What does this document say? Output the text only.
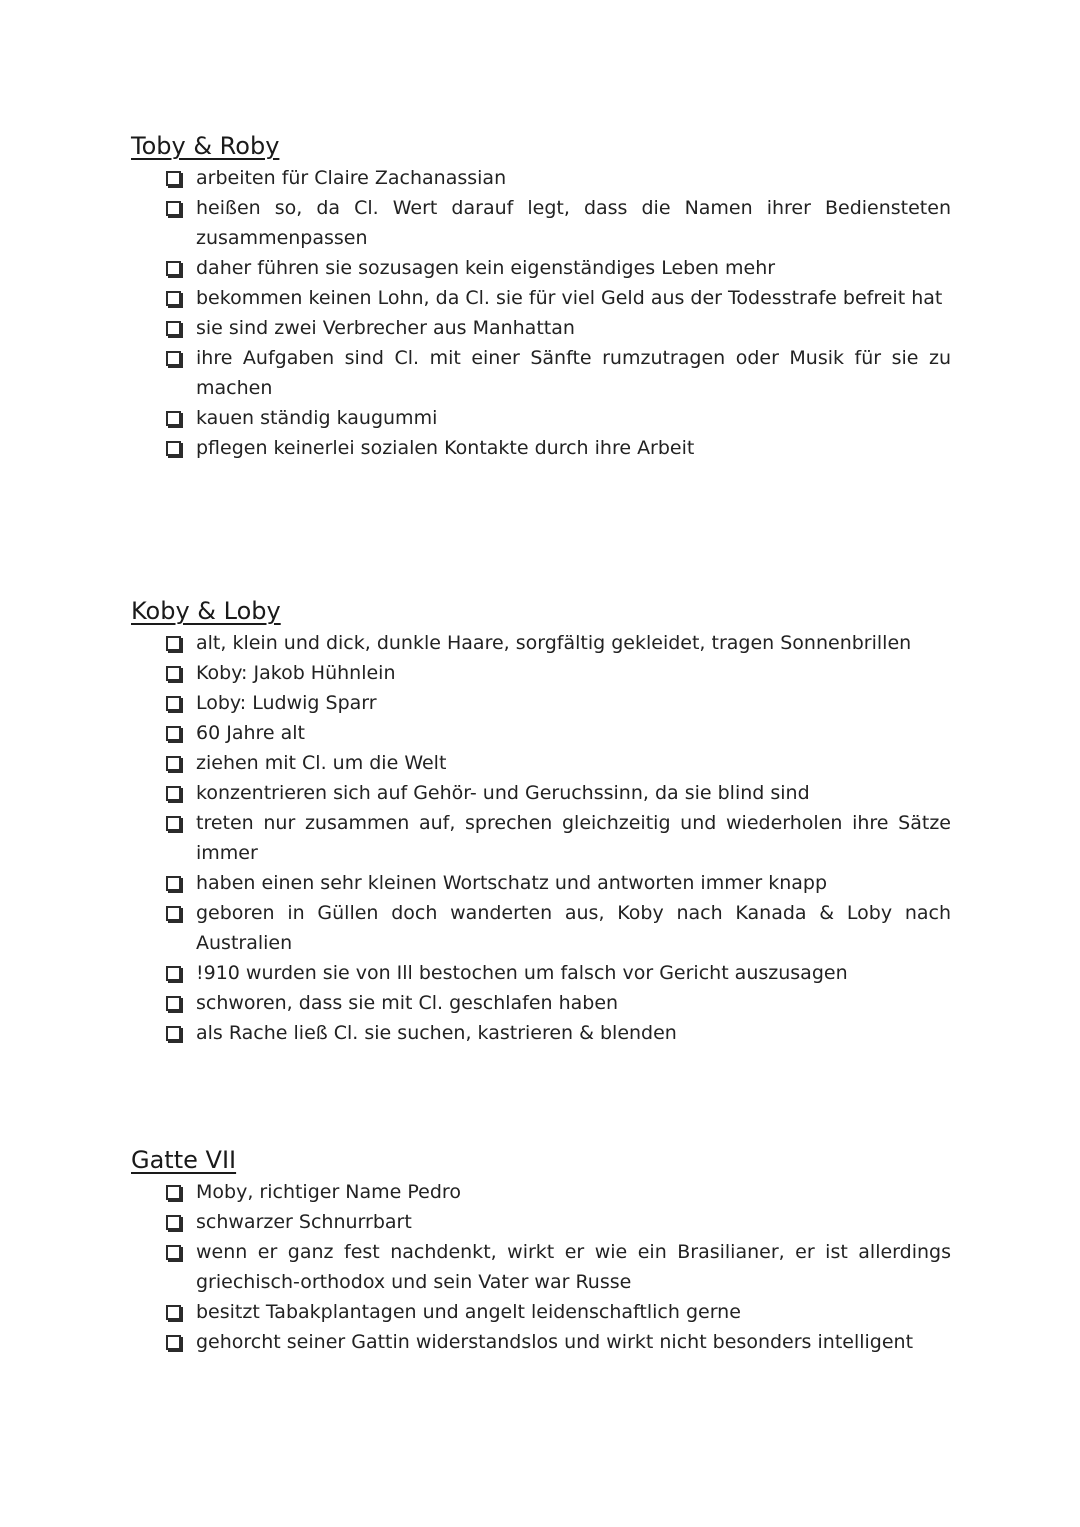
Toby & Roby
arbeiten für Claire Zachanassian
heißen so, da Cl. Wert darauf legt, dass die Namen ihrer Bediensteten zusammenpassen
daher führen sie sozusagen kein eigenständiges Leben mehr
bekommen keinen Lohn, da Cl. sie für viel Geld aus der Todesstrafe befreit hat
sie sind zwei Verbrecher aus Manhattan
ihre Aufgaben sind Cl. mit einer Sänfte rumzutragen oder Musik für sie zu machen
kauen ständig kaugummi
pflegen keinerlei sozialen Kontakte durch ihre Arbeit
Koby & Loby
alt, klein und dick, dunkle Haare, sorgfältig gekleidet, tragen Sonnenbrillen
Koby: Jakob Hühnlein
Loby: Ludwig Sparr
60 Jahre alt
ziehen mit Cl. um die Welt
konzentrieren sich auf Gehör- und Geruchssinn, da sie blind sind
treten nur zusammen auf, sprechen gleichzeitig und wiederholen ihre Sätze immer
haben einen sehr kleinen Wortschatz und antworten immer knapp
geboren in Güllen doch wanderten aus, Koby nach Kanada & Loby nach Australien
!910 wurden sie von Ill bestochen um falsch vor Gericht auszusagen
schworen, dass sie mit Cl. geschlafen haben
als Rache ließ Cl. sie suchen, kastrieren & blenden
Gatte VII
Moby, richtiger Name Pedro
schwarzer Schnurrbart
wenn er ganz fest nachdenkt, wirkt er wie ein Brasilianer, er ist allerdings griechisch-orthodox und sein Vater war Russe
besitzt Tabakplantagen und angelt leidenschaftlich gerne
gehorcht seiner Gattin widerstandslos und wirkt nicht besonders intelligent
